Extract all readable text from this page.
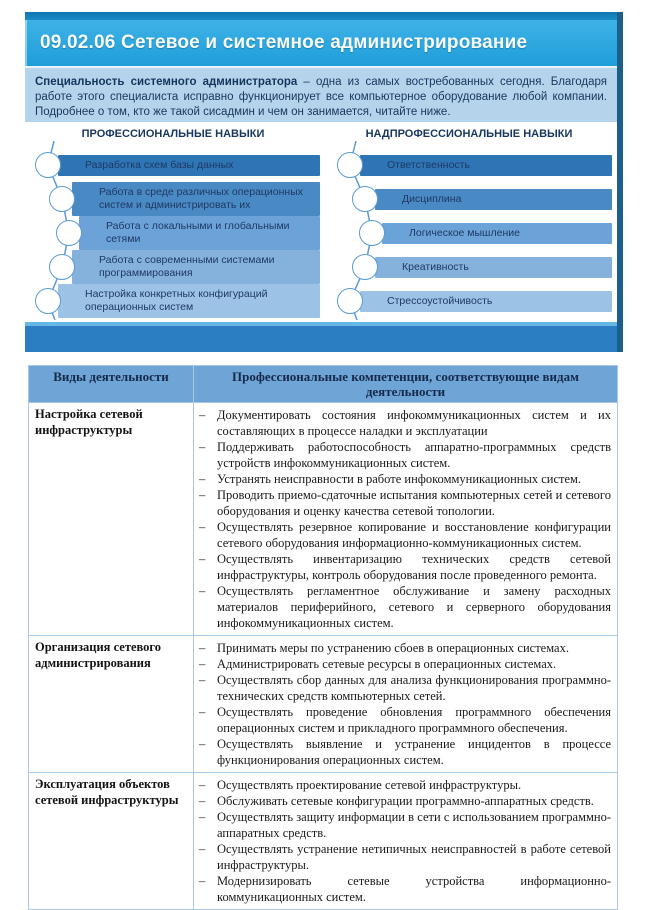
09.02.06 Сетевое и системное администрирование
Специальность системного администратора – одна из самых востребованных сегодня. Благодаря работе этого специалиста исправно функционирует все компьютерное оборудование любой компании. Подробнее о том, кто же такой сисадмин и чем он занимается, читайте ниже.
ПРОФЕССИОНАЛЬНЫЕ НАВЫКИ	НАДПРОФЕССИОНАЛЬНЫЕ НАВЫКИ
Разработка схем базы данных
Работа в среде различных операционных систем и администрировать их
Работа с локальными и глобальными сетями
Работа с современными системами программирования
Настройка конкретных конфигураций операционных систем
Ответственность
Дисциплина
Логическое мышление
Креативность
Стрессоустойчивость
Виды деятельности	Профессиональные компетенции, соответствующие видам деятельности
Настройка сетевой инфраструктуры	
– Документировать состояния инфокоммуникационных систем и их составляющих в процессе наладки и эксплуатации
– Поддерживать работоспособность аппаратно-программных средств устройств инфокоммуникационных систем.
– Устранять неисправности в работе инфокоммуникационных систем.
– Проводить приемо-сдаточные испытания компьютерных сетей и сетевого оборудования и оценку качества сетевой топологии.
– Осуществлять резервное копирование и восстановление конфигурации сетевого оборудования информационно-коммуникационных систем.
– Осуществлять инвентаризацию технических средств сетевой инфраструктуры, контроль оборудования после проведенного ремонта.
– Осуществлять регламентное обслуживание и замену расходных материалов периферийного, сетевого и серверного оборудования инфокоммуникационных систем.

Организация сетевого администрирования	
– Принимать меры по устранению сбоев в операционных системах.
– Администрировать сетевые ресурсы в операционных системах.
– Осуществлять сбор данных для анализа функционирования программно-технических средств компьютерных сетей.
– Осуществлять проведение обновления программного обеспечения операционных систем и прикладного программного обеспечения.
– Осуществлять выявление и устранение инцидентов в процессе функционирования операционных систем.

Эксплуатация объектов сетевой инфраструктуры	
– Осуществлять проектирование сетевой инфраструктуры.
– Обслуживать сетевые конфигурации программно-аппаратных средств.
– Осуществлять защиту информации в сети с использованием программно-аппаратных средств.
– Осуществлять устранение нетипичных неисправностей в работе сетевой инфраструктуры.
– Модернизировать сетевые устройства информационно-коммуникационных систем.
